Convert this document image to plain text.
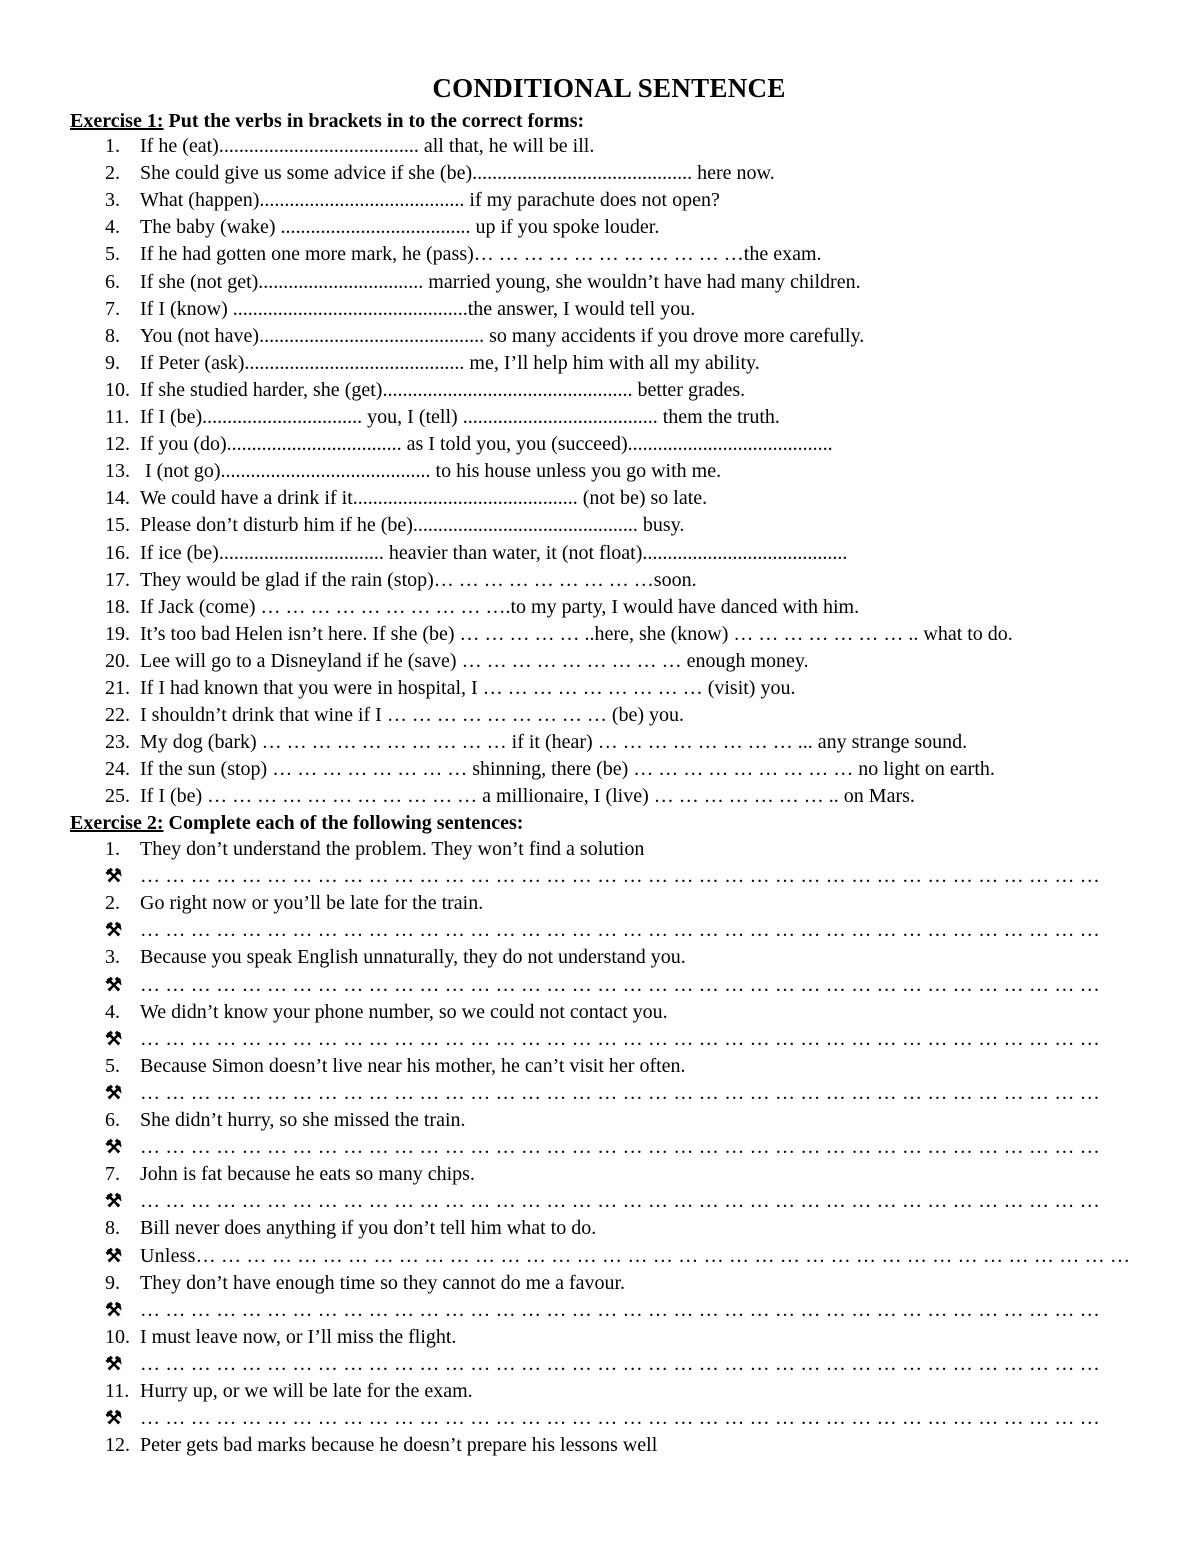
CONDITIONAL SENTENCE
Exercise 1: Put the verbs in brackets in to the correct forms:
1. If he (eat)........................................ all that, he will be ill.
2. She could give us some advice if she (be)............................................ here now.
3. What (happen)......................................... if my parachute does not open?
4. The baby (wake) ...................................... up if you spoke louder.
5. If he had gotten one more mark, he (pass)… … … … … … … … … … …the exam.
6. If she (not get)................................. married young, she wouldn’t have had many children.
7. If I (know) ...............................................the answer, I would tell you.
8. You (not have)............................................. so many accidents if you drove more carefully.
9. If Peter (ask)............................................ me, I’ll help him with all my ability.
10. If she studied harder, she (get).................................................. better grades.
11. If I (be)................................ you, I (tell) ....................................... them the truth.
12. If you (do)................................... as I told you, you (succeed).........................................
13. I (not go).......................................... to his house unless you go with me.
14. We could have a drink if it............................................. (not be) so late.
15. Please don’t disturb him if he (be)............................................. busy.
16. If ice (be)................................. heavier than water, it (not float).........................................
17. They would be glad if the rain (stop)… … … … … … … … …soon.
18. If Jack (come) … … … … … … … … … ….to my party, I would have danced with him.
19. It’s too bad Helen isn’t here. If she (be) … … … … … ..here, she (know) … … … … … … … .. what to do.
20. Lee will go to a Disneyland if he (save) … … … … … … … … … enough money.
21. If I had known that you were in hospital, I … … … … … … … … … (visit) you.
22. I shouldn’t drink that wine if I … … … … … … … … … (be) you.
23. My dog (bark) … … … … … … … … … … if it (hear) … … … … … … … … ... any strange sound.
24. If the sun (stop) … … … … … … … … shinning, there (be) … … … … … … … … … no light on earth.
25. If I (be) … … … … … … … … … … … a millionaire, I (live) … … … … … … … .. on Mars.
Exercise 2: Complete each of the following sentences:
1. They don’t understand the problem. They won’t find a solution
⚒ … … … … … … … … … … … … … … … … … … … … … … … … … … … … … … … … … … … … … …
2. Go right now or you’ll be late for the train.
⚒ … … … … … … … … … … … … … … … … … … … … … … … … … … … … … … … … … … … … … …
3. Because you speak English unnaturally, they do not understand you.
⚒ … … … … … … … … … … … … … … … … … … … … … … … … … … … … … … … … … … … … … …
4. We didn’t know your phone number, so we could not contact you.
⚒ … … … … … … … … … … … … … … … … … … … … … … … … … … … … … … … … … … … … … …
5. Because Simon doesn’t live near his mother, he can’t visit her often.
⚒ … … … … … … … … … … … … … … … … … … … … … … … … … … … … … … … … … … … … … …
6. She didn’t hurry, so she missed the train.
⚒ … … … … … … … … … … … … … … … … … … … … … … … … … … … … … … … … … … … … … …
7. John is fat because he eats so many chips.
⚒ … … … … … … … … … … … … … … … … … … … … … … … … … … … … … … … … … … … … … …
8. Bill never does anything if you don’t tell him what to do.
⚒ Unless… … … … … … … … … … … … … … … … … … … … … … … … … … … … … … … … … … … … …
9. They don’t have enough time so they cannot do me a favour.
⚒ … … … … … … … … … … … … … … … … … … … … … … … … … … … … … … … … … … … … … …
10. I must leave now, or I’ll miss the flight.
⚒ … … … … … … … … … … … … … … … … … … … … … … … … … … … … … … … … … … … … … …
11. Hurry up, or we will be late for the exam.
⚒ … … … … … … … … … … … … … … … … … … … … … … … … … … … … … … … … … … … … … …
12. Peter gets bad marks because he doesn’t prepare his lessons well
